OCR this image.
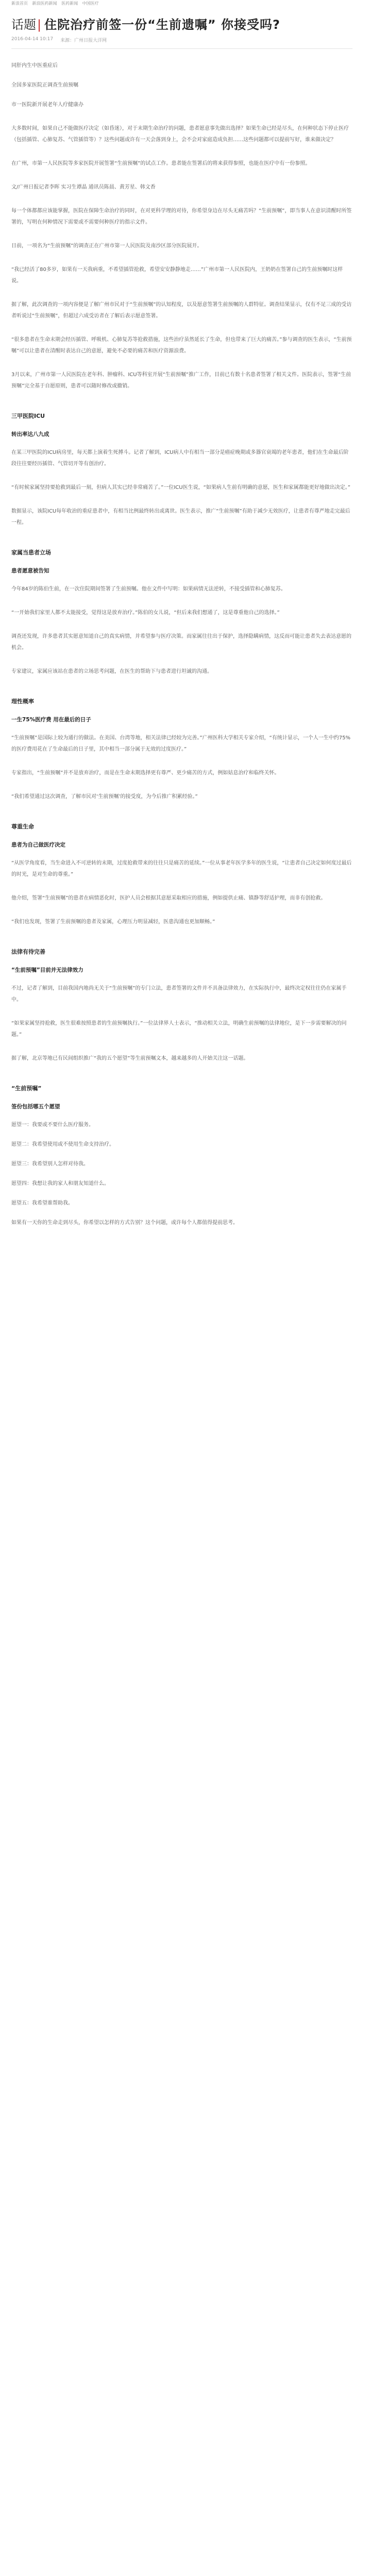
新浪首页 新浪医药新闻 医药新闻 中国医疗
话题 | 住院治疗前签一份“生前遗嘱” 你接受吗?
2016-04-14 10:17 来源：广州日报大洋网

同肝内生中医重症后

全国多家医院正调查生前预嘱

市一医院新开展老年人疗健康办

大多数时间，如果自己不能做医疗决定（如昏迷），对于末期生命治疗的问题，患者愿意事先做出选择？如果生命已经是尽头，在何种状态下停止医疗（包括插管、心肺复苏、气管插管等）？这些问题或许有一天会落到身上，会不会对家庭造成负担……这些问题都可以提前写好，谁来做决定？

在广州，市第一人民医院等多家医院开展签署“生前预嘱”的试点工作。患者能在签署后的将来获得参照，也能在医疗中有一份参照。

文/广州日报记者李晖 实习生谭晶 通讯员陈晨、黄芳星、韩文香

每一个体都都应该能掌握，医院在保障生命治疗的同时，在对更科学理的对待，你希望身边在尽头无痛苦吗？“生前预嘱”，即当事人在意识清醒时所签署的，写明在何种情况下需要或不需要何种医疗的指示文件。

日前，一项名为“生前预嘱”的调查正在广州市第一人民医院及南沙区部分医院展开。

“我已经活了80多岁，如果有一天我病重，不希望插管抢救，希望安安静静地走……”广州市第一人民医院内，王奶奶在签署自己的生前预嘱时这样说。

据了解，此次调查的一项内容便是了解广州市民对于“生前预嘱”的认知程度，以及愿意签署生前预嘱的人群特征。调查结果显示，仅有不足三成的受访者听说过“生前预嘱”，但超过六成受访者在了解后表示愿意签署。

“很多患者在生命末期会经历插管、呼吸机、心肺复苏等抢救措施，这些治疗虽然延长了生命，但也带来了巨大的痛苦。”参与调查的医生表示，“生前预嘱”可以让患者在清醒时表达自己的意愿，避免不必要的痛苦和医疗资源浪费。

3月以来，广州市第一人民医院在老年科、肿瘤科、ICU等科室开展“生前预嘱”推广工作，目前已有数十名患者签署了相关文件。医院表示，签署“生前预嘱”完全基于自愿原则，患者可以随时修改或撤销。

三甲医院ICU
转出率达八九成

在某三甲医院的ICU病房里，每天都上演着生死搏斗。记者了解到，ICU病人中有相当一部分是癌症晚期或多器官衰竭的老年患者，他们在生命最后阶段往往要经历插管、气管切开等有创治疗。

“有时候家属坚持要抢救到最后一刻，但病人其实已经非常痛苦了。”一位ICU医生说，“如果病人生前有明确的意愿，医生和家属都能更好地做出决定。”

数据显示，该院ICU每年收治的重症患者中，有相当比例最终转出或离世。医生表示，推广“生前预嘱”有助于减少无效医疗，让患者有尊严地走完最后一程。

家属当患者立场
患者愿意被告知

今年84岁的陈伯生前，在一次住院期间签署了生前预嘱。他在文件中写明：如果病情无法逆转，不接受插管和心肺复苏。

“一开始我们家里人都不太能接受，觉得这是放弃治疗。”陈伯的女儿说，“但后来我们想通了，这是尊重他自己的选择。”

调查还发现，许多患者其实愿意知道自己的真实病情，并希望参与医疗决策。而家属往往出于保护，选择隐瞒病情，这反而可能让患者失去表达意愿的机会。

专家建议，家属应该站在患者的立场思考问题，在医生的帮助下与患者进行坦诚的沟通。

理性概率
一生75%医疗费 用在最后的日子

“生前预嘱”是国际上较为通行的做法。在美国、台湾等地，相关法律已经较为完善。”广州医科大学相关专家介绍，“有统计显示，一个人一生中约75%的医疗费用花在了生命最后的日子里，其中相当一部分属于无效的过度医疗。”

专家指出，“生前预嘱”并不是放弃治疗，而是在生命末期选择更有尊严、更少痛苦的方式，例如姑息治疗和临终关怀。

“我们希望通过这次调查，了解市民对‘生前预嘱’的接受度，为今后推广积累经验。”

尊重生命
患者为自己做医疗决定

“从医学角度看，当生命进入不可逆转的末期，过度抢救带来的往往只是痛苦的延续。”一位从事老年医学多年的医生说，“让患者自己决定如何度过最后的时光，是对生命的尊重。”

他介绍，签署“生前预嘱”的患者在病情恶化时，医护人员会根据其意愿采取相应的措施，例如提供止痛、镇静等舒适护理，而非有创抢救。

“我们也发现，签署了生前预嘱的患者及家属，心理压力明显减轻，医患沟通也更加顺畅。”

法律有待完善
“生前预嘱”目前并无法律效力

不过，记者了解到，目前我国内地尚无关于“生前预嘱”的专门立法，患者签署的文件并不具备法律效力，在实际执行中，最终决定权往往仍在家属手中。

“如果家属坚持抢救，医生很难按照患者的生前预嘱执行。”一位法律界人士表示，“推动相关立法，明确生前预嘱的法律地位，是下一步需要解决的问题。”

据了解，北京等地已有民间组织推广“我的五个愿望”等生前预嘱文本，越来越多的人开始关注这一话题。

“生前预嘱”
签份包括哪五个愿望

愿望一：我要或不要什么医疗服务。

愿望二：我希望使用或不使用生命支持治疗。

愿望三：我希望别人怎样对待我。

愿望四：我想让我的家人和朋友知道什么。

愿望五：我希望谁帮助我。

如果有一天你的生命走到尽头，你希望以怎样的方式告别？这个问题，或许每个人都值得提前思考。
